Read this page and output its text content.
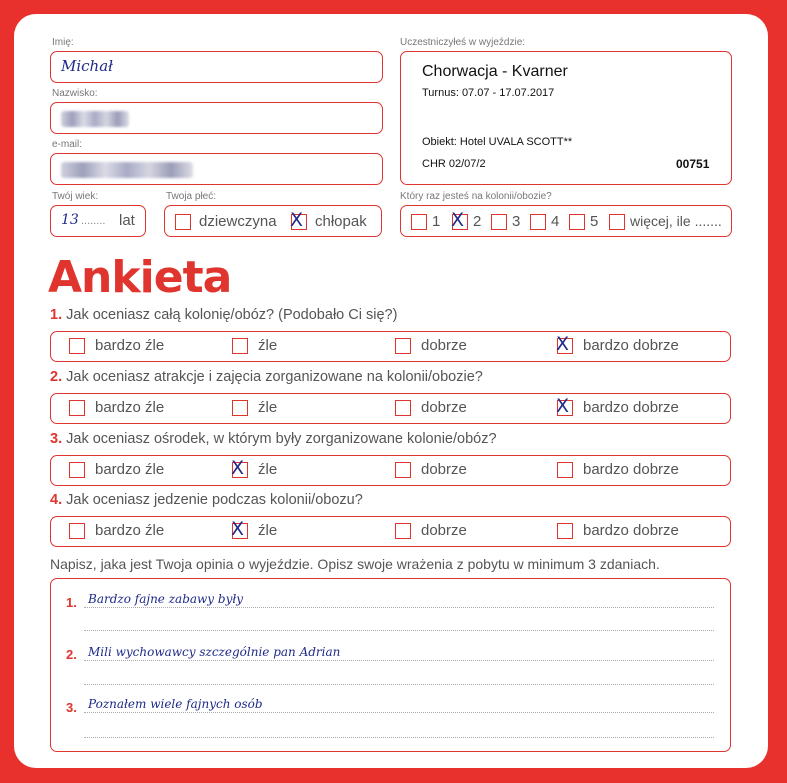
Imię:
Michał
Nazwisko:
e-mail:
Twój wiek:
13 ........ lat
Twoja płeć:
dziewczyna X chłopak
Uczestniczyłeś w wyjeździe:
Chorwacja - Kvarner
Turnus: 07.07 - 17.07.2017
Obiekt: Hotel UVALA SCOTT**
CHR 02/07/2	00751
Który raz jesteś na kolonii/obozie?
1 X 2 3 4 5 więcej, ile .......
Ankieta
1. Jak oceniasz całą kolonię/obóz? (Podobało Ci się?)
bardzo źle	źle	dobrze	X bardzo dobrze
2. Jak oceniasz atrakcje i zajęcia zorganizowane na kolonii/obozie?
bardzo źle	źle	dobrze	X bardzo dobrze
3. Jak oceniasz ośrodek, w którym były zorganizowane kolonie/obóz?
bardzo źle	X źle	dobrze	bardzo dobrze
4. Jak oceniasz jedzenie podczas kolonii/obozu?
bardzo źle	X źle	dobrze	bardzo dobrze
Napisz, jaka jest Twoja opinia o wyjeździe. Opisz swoje wrażenia z pobytu w minimum 3 zdaniach.
1. Bardzo fajne zabawy były
2. Mili wychowawcy szczególnie pan Adrian
3. Poznałem wiele fajnych osób
